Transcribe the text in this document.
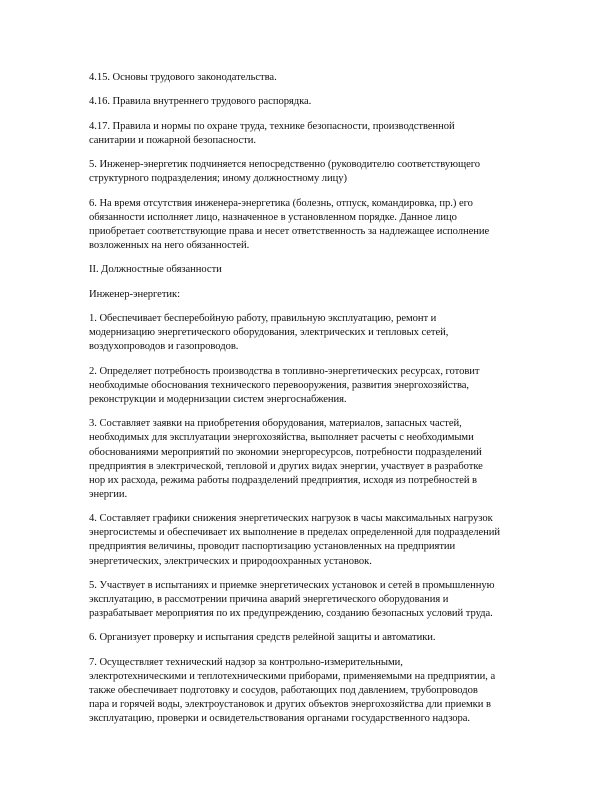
4.15. Основы трудового законодательства.

4.16. Правила внутреннего трудового распорядка.

4.17. Правила и нормы по охране труда, технике безопасности, производственной
санитарии и пожарной безопасности.

5. Инженер-энергетик подчиняется непосредственно (руководителю соответствующего
структурного подразделения; иному должностному лицу)

6. На время отсутствия инженера-энергетика (болезнь, отпуск, командировка, пр.) его
обязанности исполняет лицо, назначенное в установленном порядке. Данное лицо
приобретает соответствующие права и несет ответственность за надлежащее исполнение
возложенных на него обязанностей.

II. Должностные обязанности

Инженер-энергетик:

1. Обеспечивает бесперебойную работу, правильную эксплуатацию, ремонт и
модернизацию энергетического оборудования, электрических и тепловых сетей,
воздухопроводов и газопроводов.

2. Определяет потребность производства в топливно-энергетических ресурсах, готовит
необходимые обоснования технического перевооружения, развития энергохозяйства,
реконструкции и модернизации систем энергоснабжения.

3. Составляет заявки на приобретения оборудования, материалов, запасных частей,
необходимых для эксплуатации энергохозяйства, выполняет расчеты с необходимыми
обоснованиями мероприятий по экономии энергоресурсов, потребности подразделений
предприятия в электрической, тепловой и других видах энергии, участвует в разработке
нор их расхода, режима работы подразделений предприятия, исходя из потребностей в
энергии.

4. Составляет графики снижения энергетических нагрузок в часы максимальных нагрузок
энергосистемы и обеспечивает их выполнение в пределах определенной для подразделений
предприятия величины, проводит паспортизацию установленных на предприятии
энергетических, электрических и природоохранных установок.

5. Участвует в испытаниях и приемке энергетических установок и сетей в промышленную
эксплуатацию, в рассмотрении причина аварий энергетического оборудования и
разрабатывает мероприятия по их предупреждению, созданию безопасных условий труда.

6. Организует проверку и испытания средств релейной защиты и автоматики.

7. Осуществляет технический надзор за контрольно-измерительными,
электротехническими и теплотехническими приборами, применяемыми на предприятии, а
также обеспечивает подготовку и сосудов, работающих под давлением, трубопроводов
пара и горячей воды, электроустановок и других объектов энергохозяйства дли приемки в
эксплуатацию, проверки и освидетельствования органами государственного надзора.
